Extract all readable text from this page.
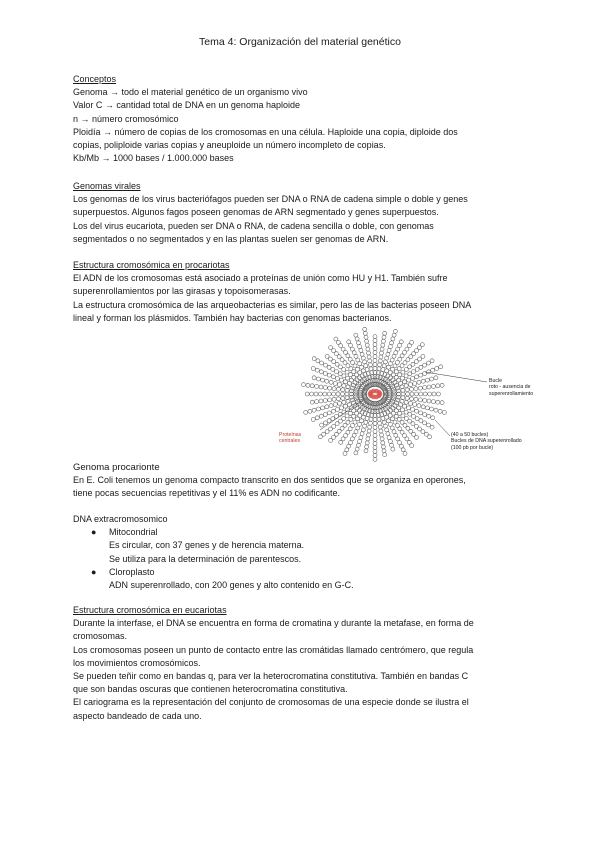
Tema 4: Organización del material genético

Conceptos

Genoma → todo el material genético de un organismo vivo

Valor C → cantidad total de DNA en un genoma haploide

n → número cromosómico

Ploidía → número de copias de los cromosomas en una célula. Haploide una copia, diploide dos

copias, poliploide varias copias y aneuploide un número incompleto de copias.

Kb/Mb → 1000 bases / 1.000.000 bases

Genomas virales

Los genomas de los virus bacteriófagos pueden ser DNA o RNA de cadena simple o doble y genes

superpuestos. Algunos fagos poseen genomas de ARN segmentado y genes superpuestos.

Los del virus eucariota, pueden ser DNA o RNA, de cadena sencilla o doble, con genomas

segmentados o no segmentados y en las plantas suelen ser genomas de ARN.

Estructura cromosómica en procariotas

El ADN de los cromosomas está asociado a proteínas de unión como HU y H1. También sufre

superenrollamientos por las girasas y topoisomerasas.

La estructura cromosómica de las arqueobacterias es similar, pero las de las bacterias poseen DNA

lineal y forman los plásmidos. También hay bacterias con genomas bacterianos.

Bucle
roto - ausencia de
superenrollamiento
Proteínas
centrales
(40 a 50 bucles)
Bucles de DNA superenrollado
(100 pb por bucle)

Genoma procarionte

En E. Coli tenemos un genoma compacto transcrito en dos sentidos que se organiza en operones,

tiene pocas secuencias repetitivas y el 11% es ADN no codificante.

DNA extracromosomico

● Mitocondrial
Es circular, con 37 genes y de herencia materna.
Se utiliza para la determinación de parentescos.
● Cloroplasto
ADN superenrollado, con 200 genes y alto contenido en G-C.

Estructura cromosómica en eucariotas

Durante la interfase, el DNA se encuentra en forma de cromatina y durante la metafase, en forma de

cromosomas.

Los cromosomas poseen un punto de contacto entre las cromátidas llamado centrómero, que regula

los movimientos cromosómicos.

Se pueden teñir como en bandas q, para ver la heterocromatina constitutiva. También en bandas C

que son bandas oscuras que contienen heterocromatina constitutiva.

El cariograma es la representación del conjunto de cromosomas de una especie donde se ilustra el

aspecto bandeado de cada uno.
